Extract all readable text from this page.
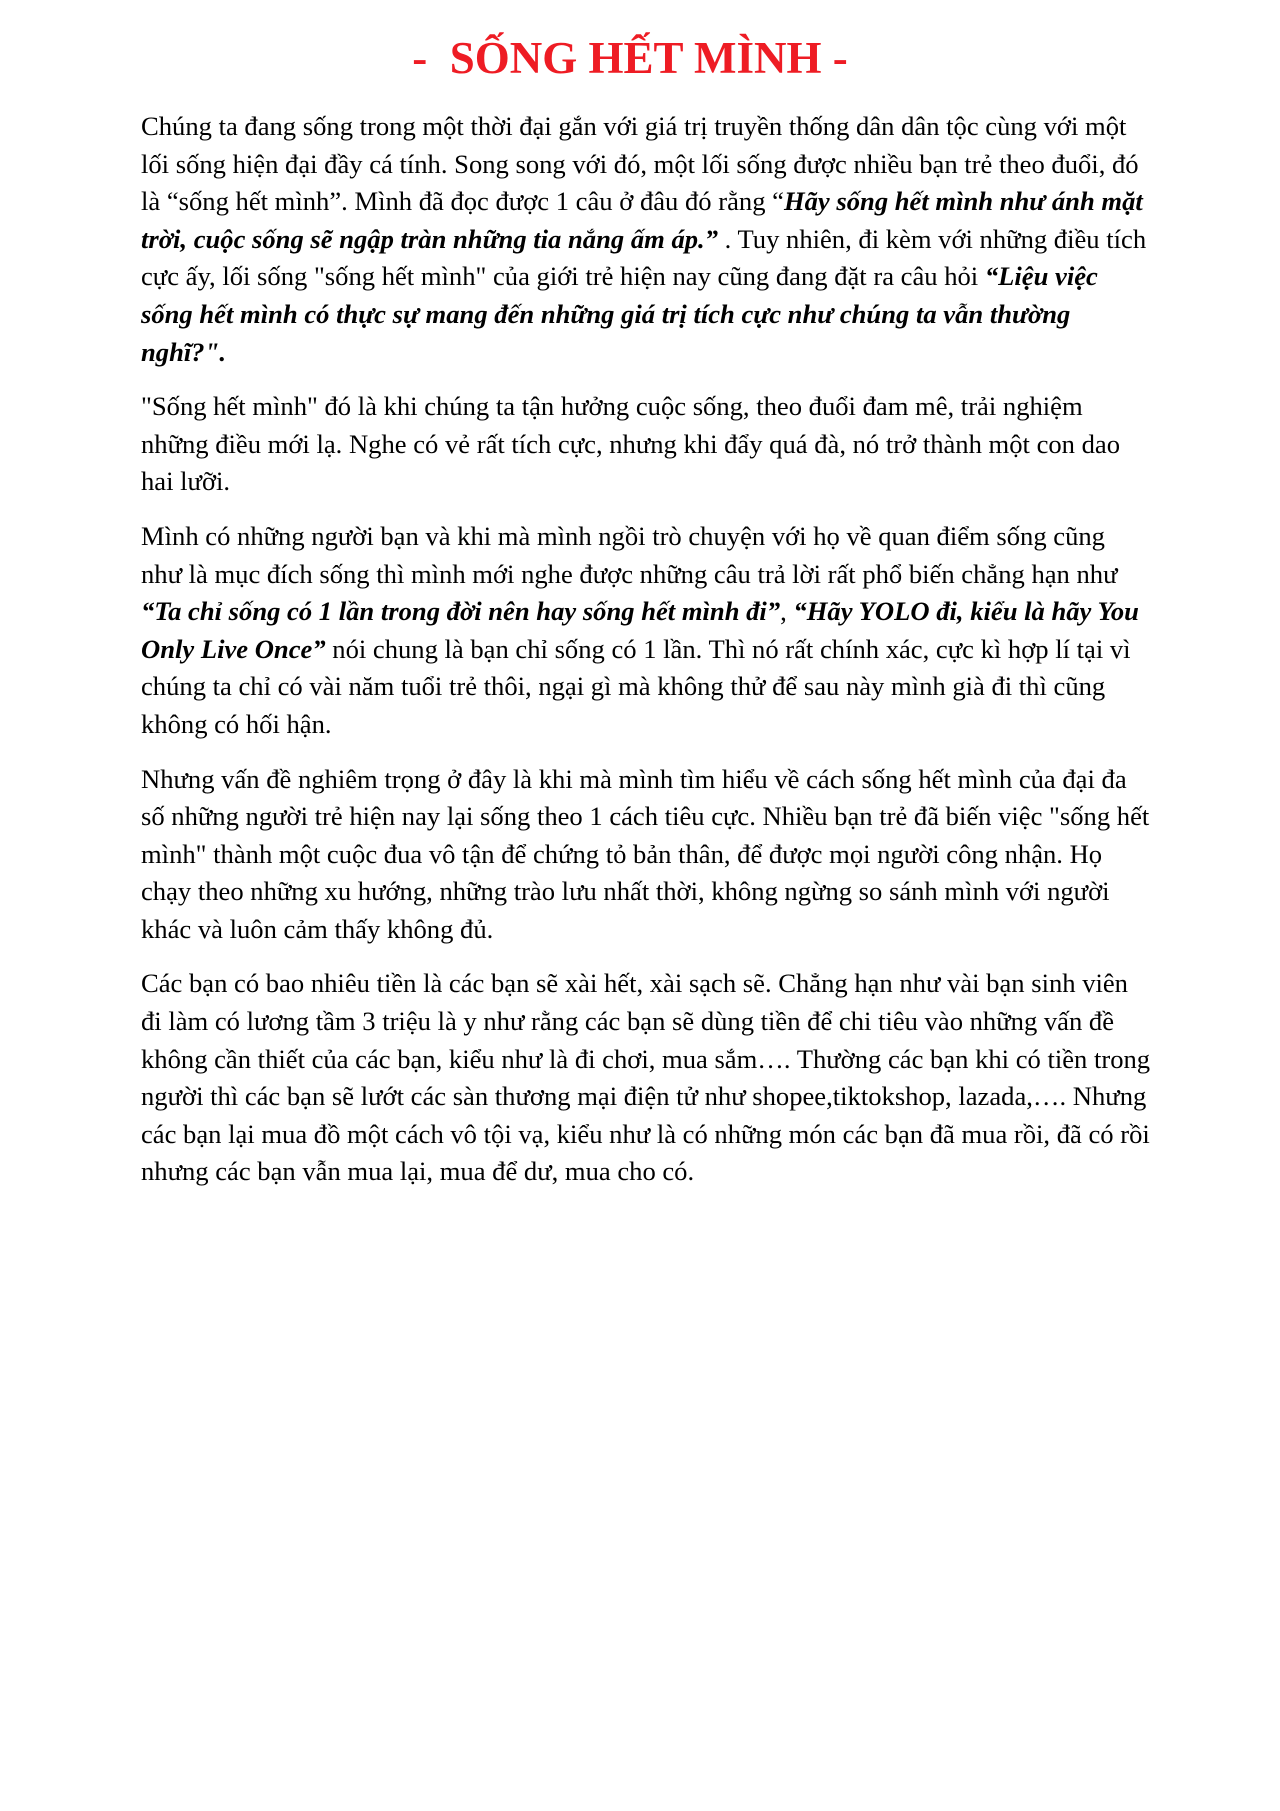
-  SỐNG HẾT MÌNH -

Chúng ta đang sống trong một thời đại gắn với giá trị truyền thống dân dân tộc cùng với một lối sống hiện đại đầy cá tính. Song song với đó, một lối sống được nhiều bạn trẻ theo đuổi, đó là “sống hết mình”. Mình đã đọc được 1 câu ở đâu đó rằng “Hãy sống hết mình như ánh mặt trời, cuộc sống sẽ ngập tràn những tia nắng ấm áp.” . Tuy nhiên, đi kèm với những điều tích cực ấy, lối sống "sống hết mình" của giới trẻ hiện nay cũng đang đặt ra câu hỏi “Liệu việc sống hết mình có thực sự mang đến những giá trị tích cực như chúng ta vẫn thường nghĩ?".

"Sống hết mình" đó là khi chúng ta tận hưởng cuộc sống, theo đuổi đam mê, trải nghiệm những điều mới lạ. Nghe có vẻ rất tích cực, nhưng khi đẩy quá đà, nó trở thành một con dao hai lưỡi.

Mình có những người bạn và khi mà mình ngồi trò chuyện với họ về quan điểm sống cũng như là mục đích sống thì mình mới nghe được những câu trả lời rất phổ biến chẳng hạn như “Ta chỉ sống có 1 lần trong đời nên hay sống hết mình đi”, “Hãy YOLO đi, kiểu là hãy You Only Live Once” nói chung là bạn chỉ sống có 1 lần. Thì nó rất chính xác, cực kì hợp lí tại vì chúng ta chỉ có vài năm tuổi trẻ thôi, ngại gì mà không thử để sau này mình già đi thì cũng không có hối hận.

Nhưng vấn đề nghiêm trọng ở đây là khi mà mình tìm hiểu về cách sống hết mình của đại đa số những người trẻ hiện nay lại sống theo 1 cách tiêu cực. Nhiều bạn trẻ đã biến việc "sống hết mình" thành một cuộc đua vô tận để chứng tỏ bản thân, để được mọi người công nhận. Họ chạy theo những xu hướng, những trào lưu nhất thời, không ngừng so sánh mình với người khác và luôn cảm thấy không đủ.

Các bạn có bao nhiêu tiền là các bạn sẽ xài hết, xài sạch sẽ. Chẳng hạn như vài bạn sinh viên đi làm có lương tầm 3 triệu là y như rằng các bạn sẽ dùng tiền để chi tiêu vào những vấn đề không cần thiết của các bạn, kiểu như là đi chơi, mua sắm…. Thường các bạn khi có tiền trong người thì các bạn sẽ lướt các sàn thương mại điện tử như shopee,tiktokshop, lazada,…. Nhưng các bạn lại mua đồ một cách vô tội vạ, kiểu như là có những món các bạn đã mua rồi, đã có rồi nhưng các bạn vẫn mua lại, mua để dư, mua cho có.
